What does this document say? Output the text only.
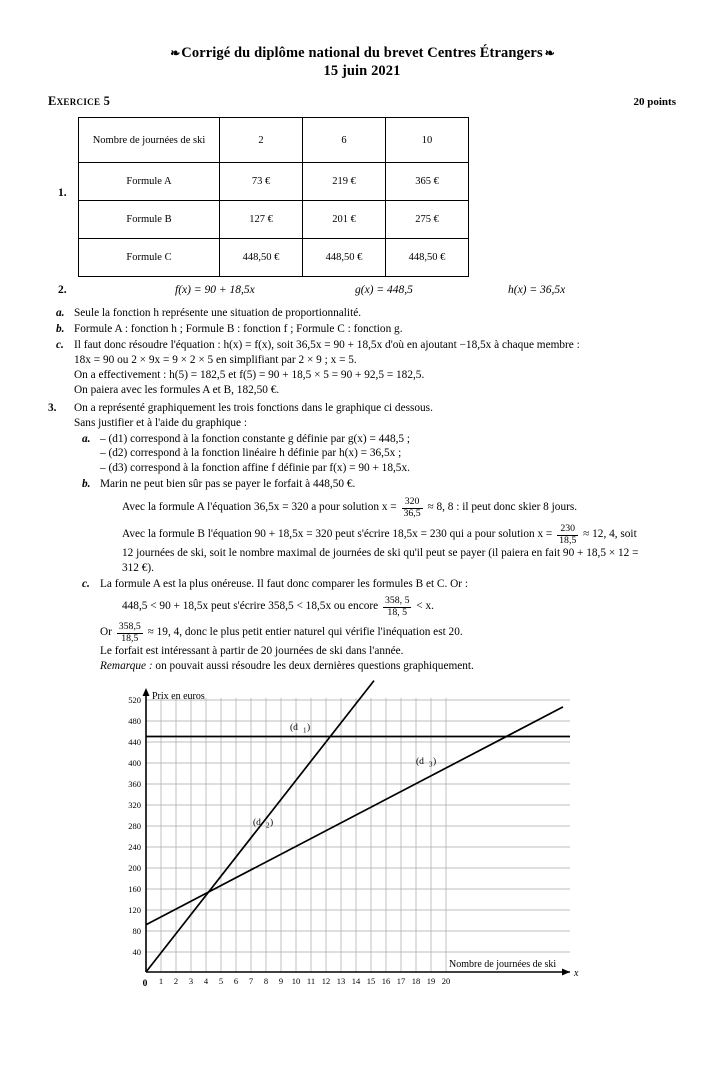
❧ Corrigé du diplôme national du brevet Centres Étrangers ❧
15 juin 2021
Exercice 5	20 points
1.
Nombre de journées de ski	2	6	10
Formule A	73 €	219 €	365 €
Formule B	127 €	201 €	275 €
Formule C	448,50 €	448,50 €	448,50 €
2.	f(x) = 90 + 18,5x	g(x) = 448,5	h(x) = 36,5x
a. Seule la fonction h représente une situation de proportionnalité.
b. Formule A : fonction h ; Formule B : fonction f ; Formule C : fonction g.
c. Il faut donc résoudre l'équation : h(x) = f(x), soit 36,5x = 90 + 18,5x d'où en ajoutant −18,5x à chaque membre :
18x = 90 ou 2 × 9x = 9 × 2 × 5 en simplifiant par 2 × 9 ; x = 5.
On a effectivement : h(5) = 182,5 et f(5) = 90 + 18,5 × 5 = 90 + 92,5 = 182,5.
On paiera avec les formules A et B, 182,50 €.
3. On a représenté graphiquement les trois fonctions dans le graphique ci dessous.
Sans justifier et à l'aide du graphique :
a. – (d1) correspond à la fonction constante g définie par g(x) = 448,5 ;
– (d2) correspond à la fonction linéaire h définie par h(x) = 36,5x ;
– (d3) correspond à la fonction affine f définie par f(x) = 90 + 18,5x.
b. Marin ne peut bien sûr pas se payer le forfait à 448,50 €.
Avec la formule A l'équation 36,5x = 320 a pour solution $x = \frac{320}{36,5} \approx 8$, 8 : il peut donc skier 8 jours.
Avec la formule B l'équation 90 + 18,5x = 320 peut s'écrire 18,5x = 230 qui a pour solution $x = \frac{230}{18,5} \approx 12$, 4, soit
12 journées de ski, soit le nombre maximal de journées de ski qu'il peut se payer (il paiera en fait 90 + 18,5 × 12 =
312 €).
c. La formule A est la plus onéreuse. Il faut donc comparer les formules B et C. Or :
448,5 < 90 + 18,5x peut s'écrire 358,5 < 18,5x ou encore $\frac{358, 5}{18, 5} < x$.
Or $\frac{358,5}{18,5} \approx 19$, 4, donc le plus petit entier naturel qui vérifie l'inéquation est 20.
Le forfait est intéressant à partir de 20 journées de ski dans l'année.
Remarque : on pouvait aussi résoudre les deux dernières questions graphiquement.
40
80
120
160
200
240
280
320
360
400
440
480
520
1 2 3 4 5 6 7 8 9 10 11 12 13 14 15 16 17 18 19 20
0
Prix en euros
Nombre de journées de ski
x
(d 1 )
(d 2 )
(d 3 )
